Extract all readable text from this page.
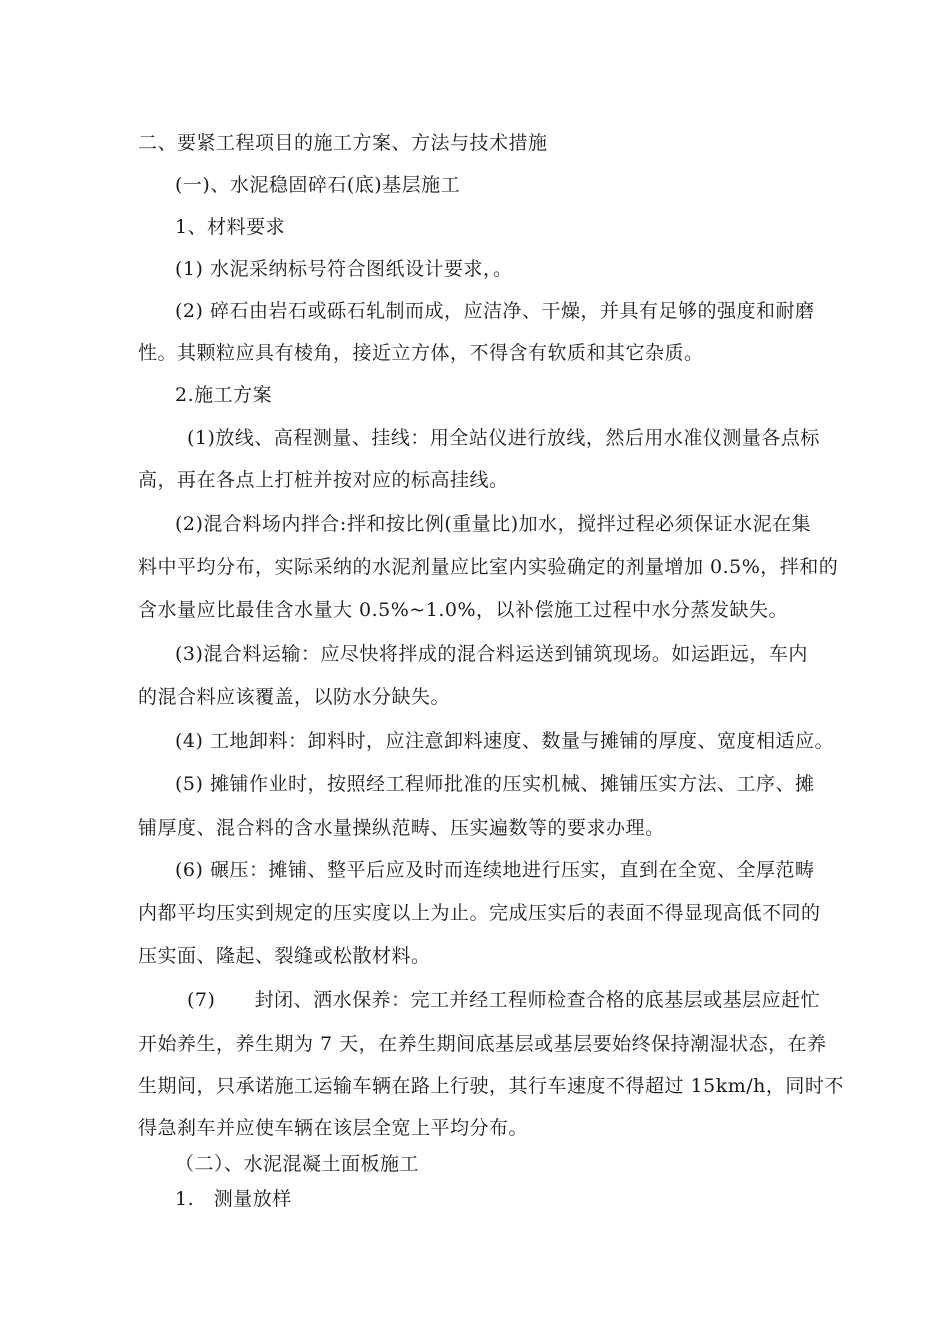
二、要紧工程项目的施工方案、方法与技术措施
(一)、水泥稳固碎石(底)基层施工
1、材料要求
(1) 水泥采纳标号符合图纸设计要求，。
(2) 碎石由岩石或砾石轧制而成，应洁净、干燥，并具有足够的强度和耐磨
性。其颗粒应具有棱角，接近立方体，不得含有软质和其它杂质。
2.施工方案
(1)放线、高程测量、挂线：用全站仪进行放线，然后用水准仪测量各点标
高，再在各点上打桩并按对应的标高挂线。
(2)混合料场内拌合:拌和按比例(重量比)加水，搅拌过程必须保证水泥在集
料中平均分布，实际采纳的水泥剂量应比室内实验确定的剂量增加 0.5%，拌和的
含水量应比最佳含水量大 0.5%~1.0%，以补偿施工过程中水分蒸发缺失。
(3)混合料运输：应尽快将拌成的混合料运送到铺筑现场。如运距远，车内
的混合料应该覆盖，以防水分缺失。
(4) 工地卸料：卸料时，应注意卸料速度、数量与摊铺的厚度、宽度相适应。
(5) 摊铺作业时，按照经工程师批准的压实机械、摊铺压实方法、工序、摊
铺厚度、混合料的含水量操纵范畴、压实遍数等的要求办理。
(6) 碾压：摊铺、整平后应及时而连续地进行压实，直到在全宽、全厚范畴
内都平均压实到规定的压实度以上为止。完成压实后的表面不得显现高低不同的
压实面、隆起、裂缝或松散材料。
(7)      封闭、洒水保养：完工并经工程师检查合格的底基层或基层应赶忙
开始养生，养生期为 7 天，在养生期间底基层或基层要始终保持潮湿状态，在养
生期间，只承诺施工运输车辆在路上行驶，其行车速度不得超过 15km/h，同时不
得急刹车并应使车辆在该层全宽上平均分布。
（二）、水泥混凝土面板施工
1.   测量放样
